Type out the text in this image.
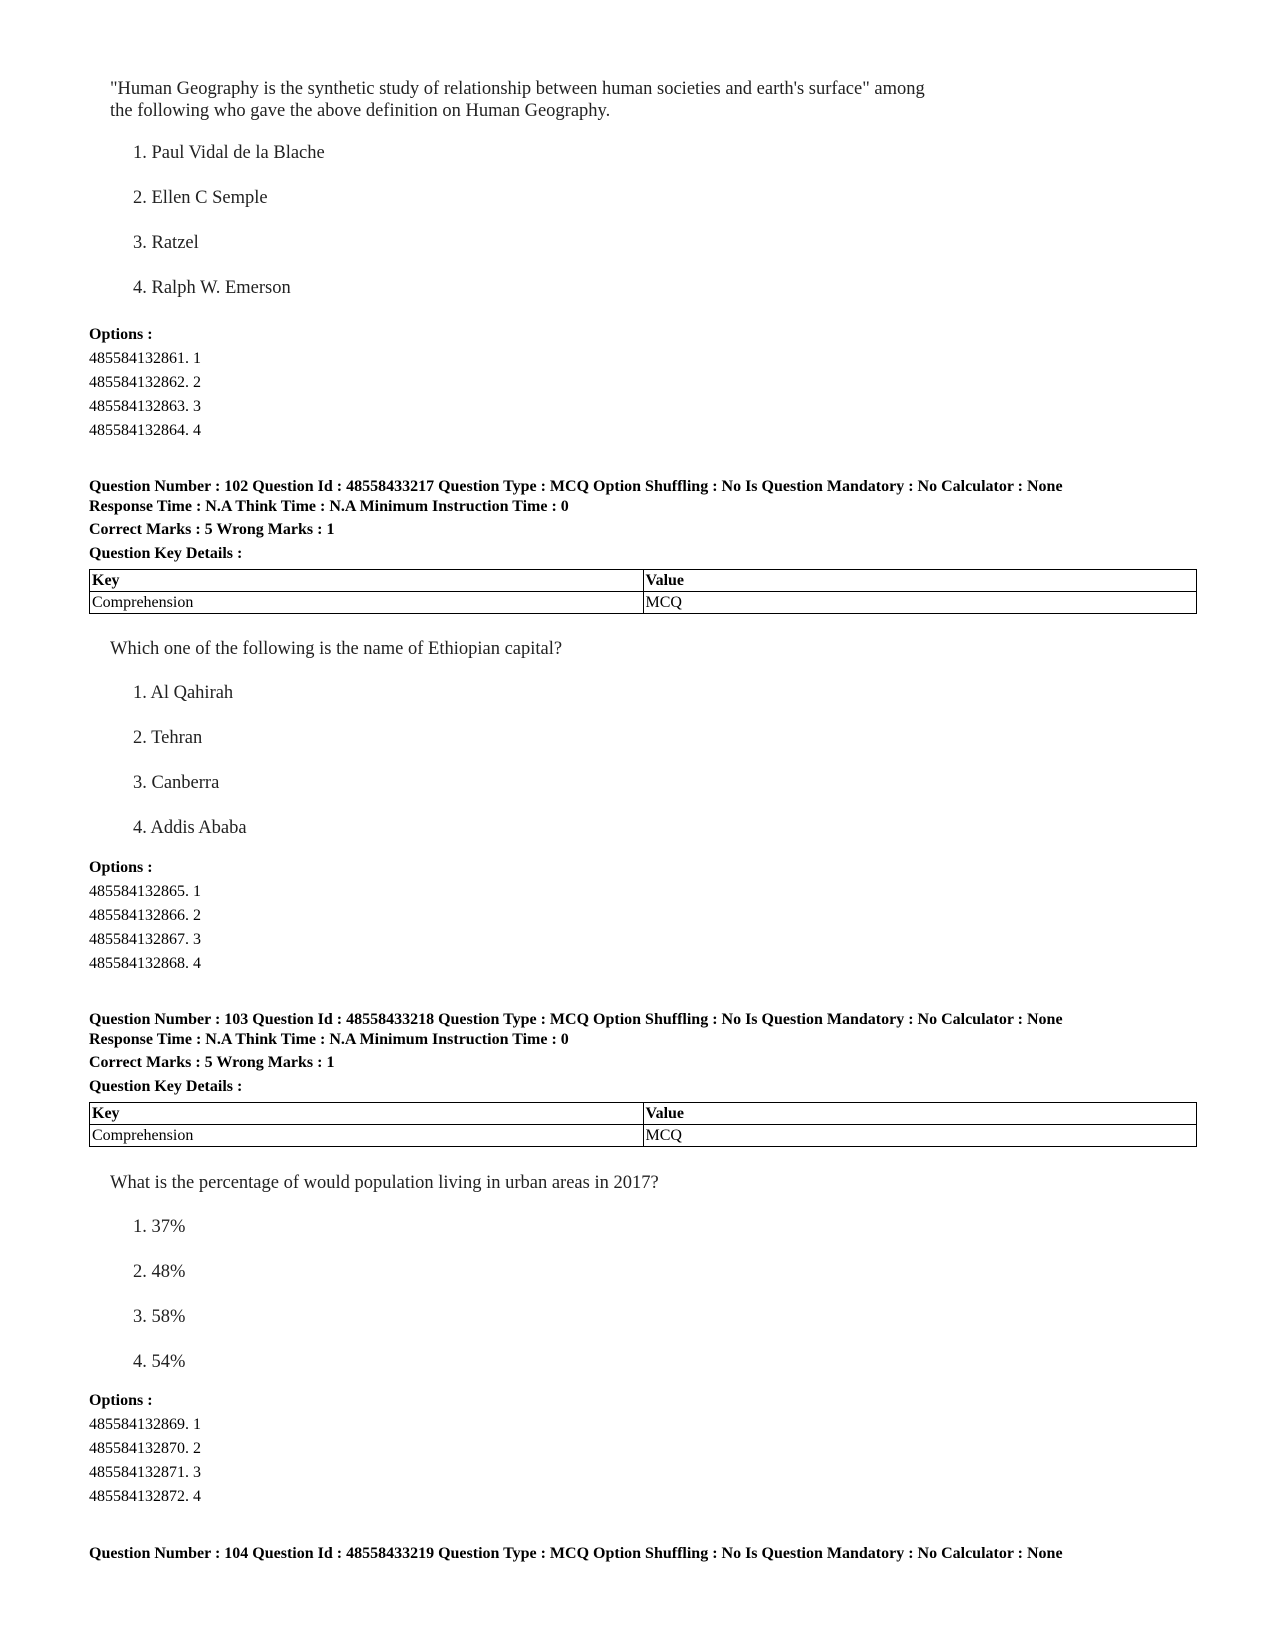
"Human Geography is the synthetic study of relationship between human societies and earth's surface" among
the following who gave the above definition on Human Geography.
1. Paul Vidal de la Blache
2. Ellen C Semple
3. Ratzel
4. Ralph W. Emerson
Options :
485584132861. 1
485584132862. 2
485584132863. 3
485584132864. 4
Question Number : 102 Question Id : 48558433217 Question Type : MCQ Option Shuffling : No Is Question Mandatory : No Calculator : None
Response Time : N.A Think Time : N.A Minimum Instruction Time : 0
Correct Marks : 5 Wrong Marks : 1
Question Key Details :
Key	Value
Comprehension	MCQ
Which one of the following is the name of Ethiopian capital?
1. Al Qahirah
2. Tehran
3. Canberra
4. Addis Ababa
Options :
485584132865. 1
485584132866. 2
485584132867. 3
485584132868. 4
Question Number : 103 Question Id : 48558433218 Question Type : MCQ Option Shuffling : No Is Question Mandatory : No Calculator : None
Response Time : N.A Think Time : N.A Minimum Instruction Time : 0
Correct Marks : 5 Wrong Marks : 1
Question Key Details :
Key	Value
Comprehension	MCQ
What is the percentage of would population living in urban areas in 2017?
1. 37%
2. 48%
3. 58%
4. 54%
Options :
485584132869. 1
485584132870. 2
485584132871. 3
485584132872. 4
Question Number : 104 Question Id : 48558433219 Question Type : MCQ Option Shuffling : No Is Question Mandatory : No Calculator : None
